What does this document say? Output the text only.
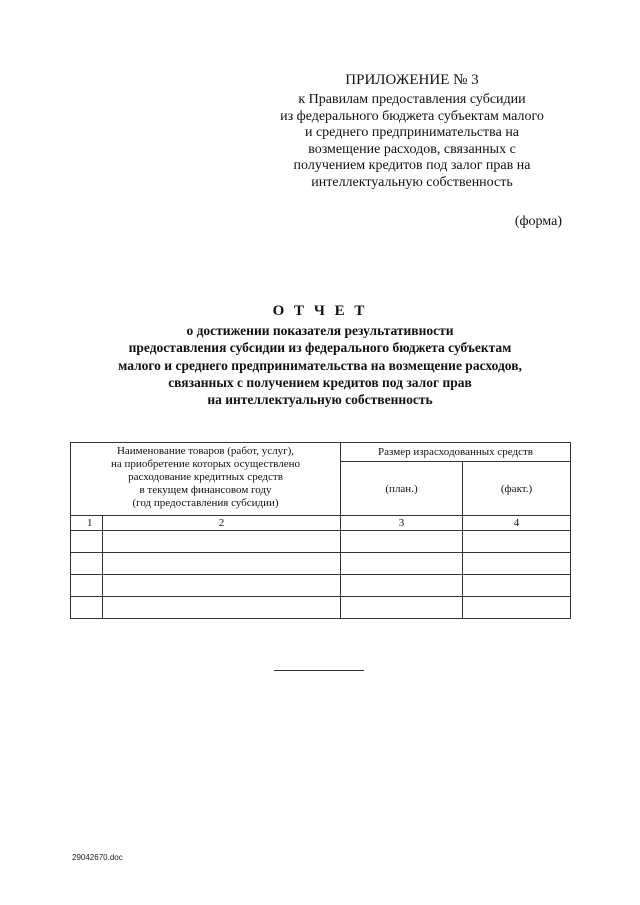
ПРИЛОЖЕНИЕ № 3
к Правилам предоставления субсидии
из федерального бюджета субъектам малого
и среднего предпринимательства на
возмещение расходов, связанных с
получением кредитов под залог прав на
интеллектуальную собственность
(форма)
О Т Ч Е Т
о достижении показателя результативности
предоставления субсидии из федерального бюджета субъектам
малого и среднего предпринимательства на возмещение расходов,
связанных с получением кредитов под залог прав
на интеллектуальную собственность
Наименование товаров (работ, услуг),
на приобретение которых осуществлено
расходование кредитных средств
в текущем финансовом году
(год предоставления субсидии)		Размер израсходованных средств	
		(план.)	(факт.)
1	2	3	4

29042670.doc
